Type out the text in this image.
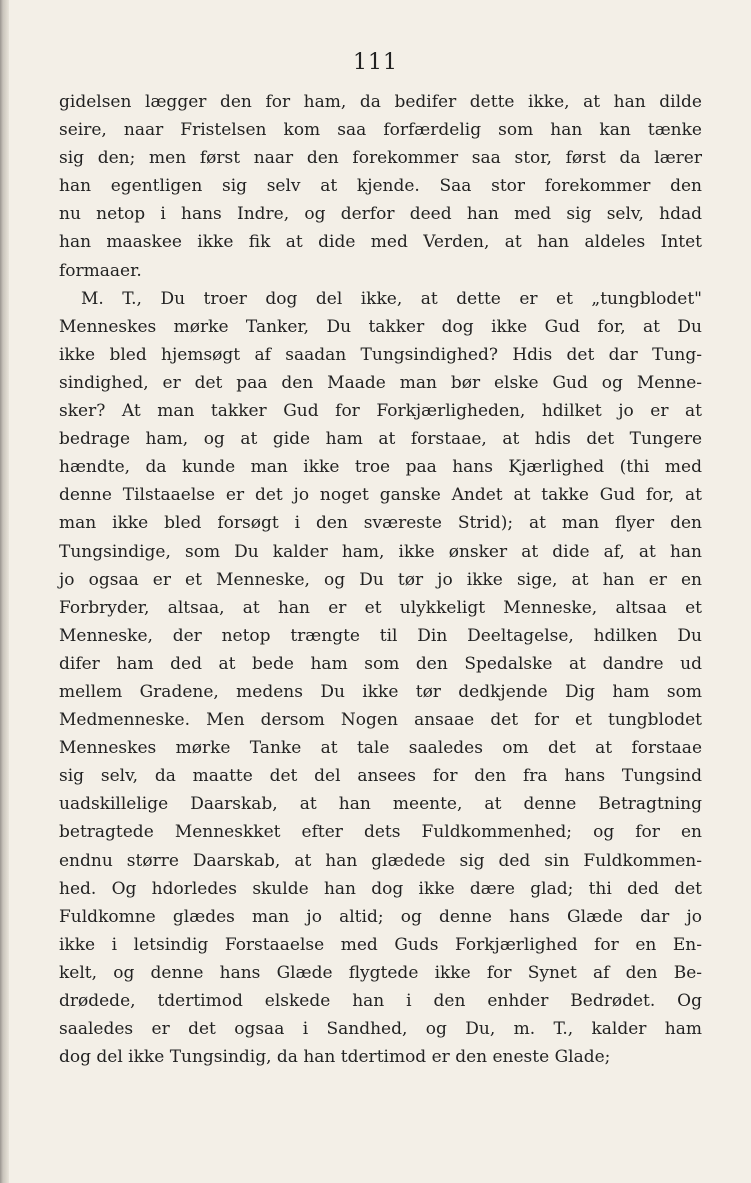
111
gidelsen lægger den for ham, da bedifer dette ikke, at han dilde
seire, naar Fristelsen kom saa forfærdelig som han kan tænke
sig den; men først naar den forekommer saa stor, først da lærer
han egentligen sig selv at kjende. Saa stor forekommer den
nu netop i hans Indre, og derfor deed han med sig selv, hdad
han maaskee ikke fik at dide med Verden, at han aldeles Intet
formaaer.
M. T., Du troer dog del ikke, at dette er et „tungblodet"
Menneskes mørke Tanker, Du takker dog ikke Gud for, at Du
ikke bled hjemsøgt af saadan Tungsindighed? Hdis det dar Tung-
sindighed, er det paa den Maade man bør elske Gud og Menne-
sker? At man takker Gud for Forkjærligheden, hdilket jo er at
bedrage ham, og at gide ham at forstaae, at hdis det Tungere
hændte, da kunde man ikke troe paa hans Kjærlighed (thi med
denne Tilstaaelse er det jo noget ganske Andet at takke Gud for, at
man ikke bled forsøgt i den sværeste Strid); at man flyer den
Tungsindige, som Du kalder ham, ikke ønsker at dide af, at han
jo ogsaa er et Menneske, og Du tør jo ikke sige, at han er en
Forbryder, altsaa, at han er et ulykkeligt Menneske, altsaa et
Menneske, der netop trængte til Din Deeltagelse, hdilken Du
difer ham ded at bede ham som den Spedalske at dandre ud
mellem Gradene, medens Du ikke tør dedkjende Dig ham som
Medmenneske. Men dersom Nogen ansaae det for et tungblodet
Menneskes mørke Tanke at tale saaledes om det at forstaae
sig selv, da maatte det del ansees for den fra hans Tungsind
uadskillelige Daarskab, at han meente, at denne Betragtning
betragtede Menneskket efter dets Fuldkommenhed; og for en
endnu større Daarskab, at han glædede sig ded sin Fuldkommen-
hed. Og hdorledes skulde han dog ikke dære glad; thi ded det
Fuldkomne glædes man jo altid; og denne hans Glæde dar jo
ikke i letsindig Forstaaelse med Guds Forkjærlighed for en En-
kelt, og denne hans Glæde flygtede ikke for Synet af den Be-
drødede, tdertimod elskede han i den enhder Bedrødet. Og
saaledes er det ogsaa i Sandhed, og Du, m. T., kalder ham
dog del ikke Tungsindig, da han tdertimod er den eneste Glade;
